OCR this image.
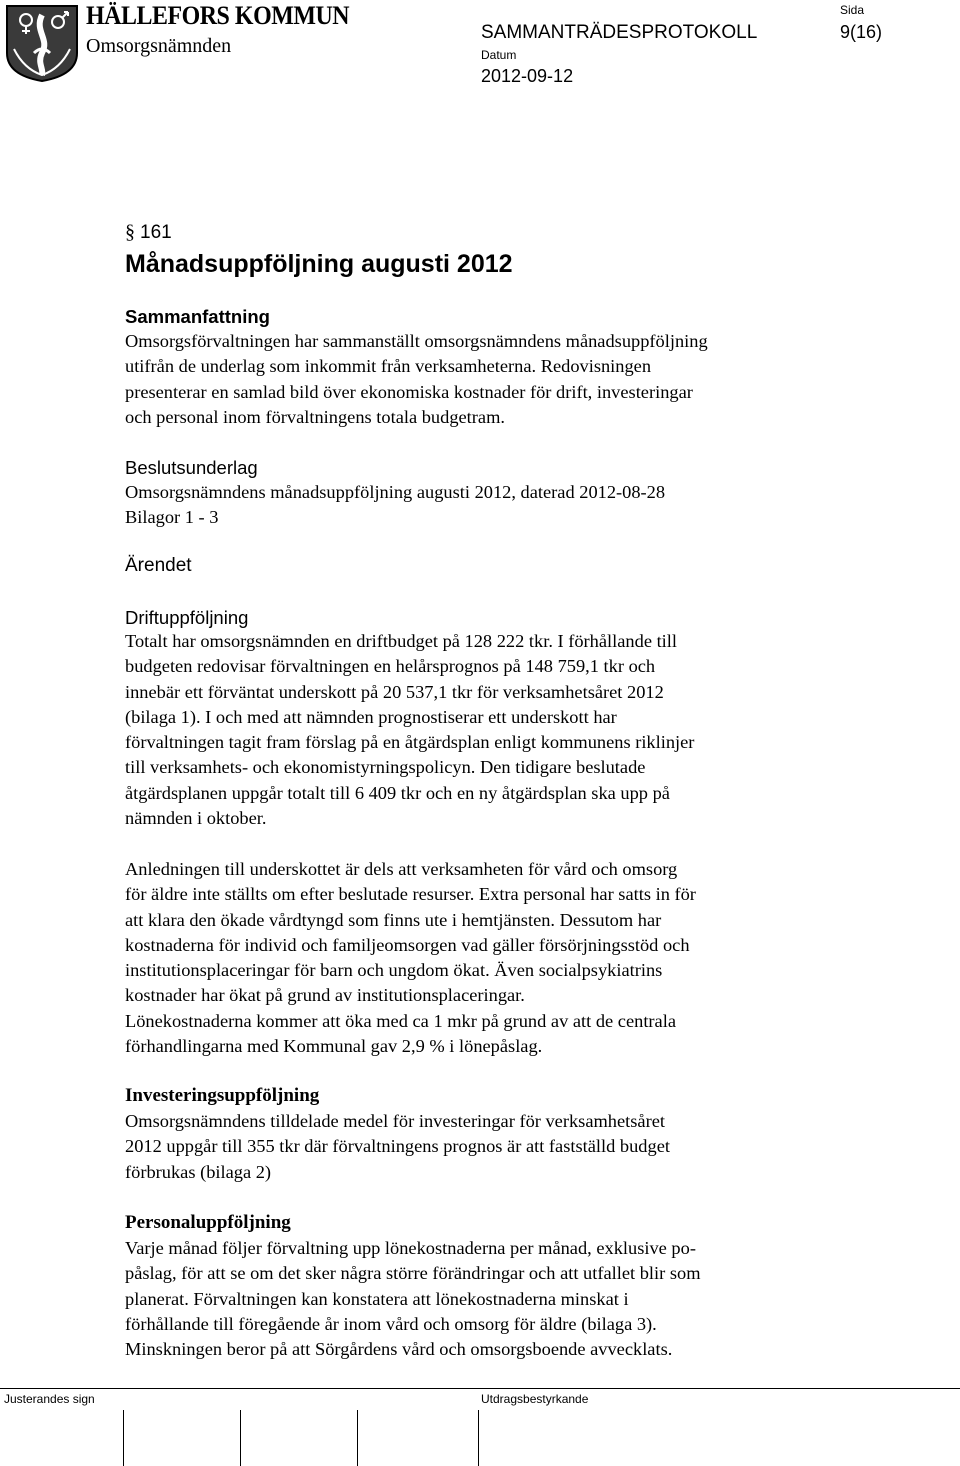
HÄLLEFORS KOMMUN
Omsorgsnämnden
SAMMANTRÄDESPROTOKOLL
Datum
2012-09-12
Sida
9(16)
§ 161
Månadsuppföljning augusti 2012
Sammanfattning
Omsorgsförvaltningen har sammanställt omsorgsnämndens månadsuppföljning
utifrån de underlag som inkommit från verksamheterna. Redovisningen
presenterar en samlad bild över ekonomiska kostnader för drift, investeringar
och personal inom förvaltningens totala budgetram.
Beslutsunderlag
Omsorgsnämndens månadsuppföljning augusti 2012, daterad 2012-08-28
Bilagor 1 - 3
Ärendet
Driftuppföljning
Totalt har omsorgsnämnden en driftbudget på 128 222 tkr. I förhållande till
budgeten redovisar förvaltningen en helårsprognos på 148 759,1 tkr och
innebär ett förväntat underskott på 20 537,1 tkr för verksamhetsåret 2012
(bilaga 1). I och med att nämnden prognostiserar ett underskott har
förvaltningen tagit fram förslag på en åtgärdsplan enligt kommunens riklinjer
till verksamhets- och ekonomistyrningspolicyn. Den tidigare beslutade
åtgärdsplanen uppgår totalt till 6 409 tkr och en ny åtgärdsplan ska upp på
nämnden i oktober.
Anledningen till underskottet är dels att verksamheten för vård och omsorg
för äldre inte ställts om efter beslutade resurser. Extra personal har satts in för
att klara den ökade vårdtyngd som finns ute i hemtjänsten. Dessutom har
kostnaderna för individ och familjeomsorgen vad gäller försörjningsstöd och
institutionsplaceringar för barn och ungdom ökat. Även socialpsykiatrins
kostnader har ökat på grund av institutionsplaceringar.
Lönekostnaderna kommer att öka med ca 1 mkr på grund av att de centrala
förhandlingarna med Kommunal gav 2,9 % i lönepåslag.
Investeringsuppföljning
Omsorgsnämndens tilldelade medel för investeringar för verksamhetsåret
2012 uppgår till 355 tkr där förvaltningens prognos är att fastställd budget
förbrukas (bilaga 2)
Personaluppföljning
Varje månad följer förvaltning upp lönekostnaderna per månad, exklusive po-
påslag, för att se om det sker några större förändringar och att utfallet blir som
planerat. Förvaltningen kan konstatera att lönekostnaderna minskat i
förhållande till föregående år inom vård och omsorg för äldre (bilaga 3).
Minskningen beror på att Sörgårdens vård och omsorgsboende avvecklats.
Justerandes sign	Utdragsbestyrkande
